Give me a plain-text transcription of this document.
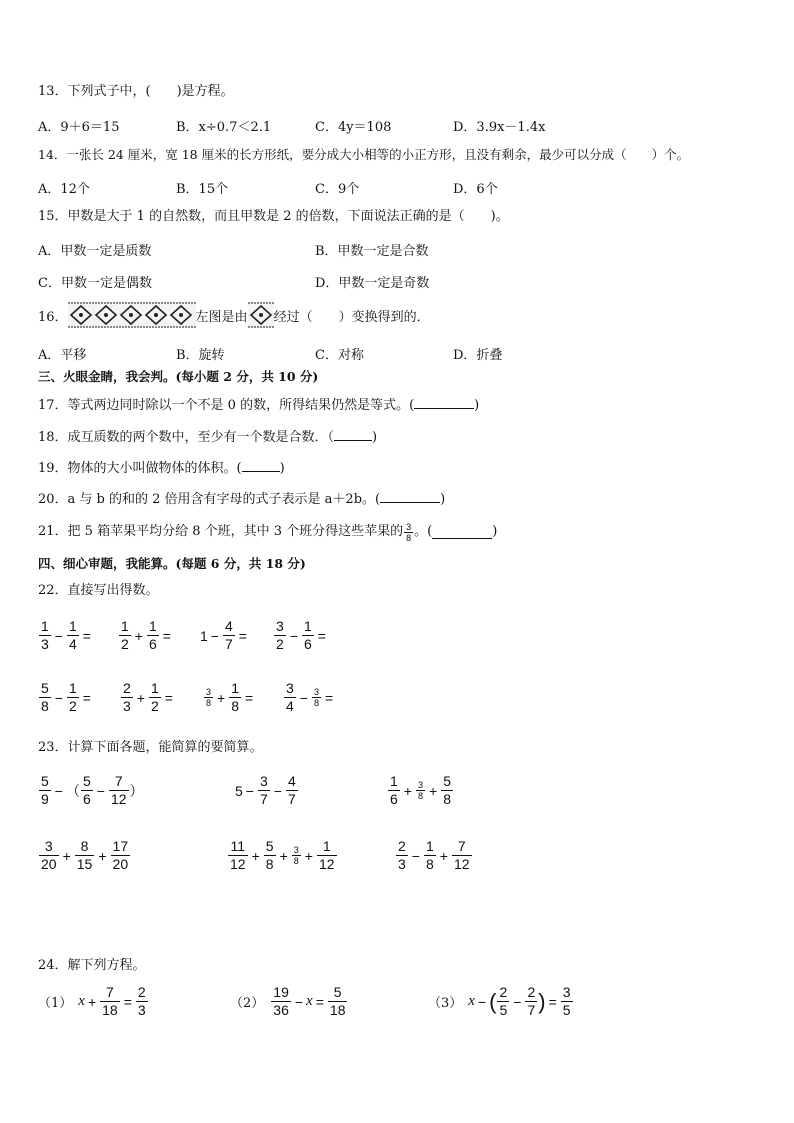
13．下列式子中，(　　)是方程。
A．9＋6＝15	B．x÷0.7＜2.1	C．4y＝108	D．3.9x－1.4x
14．一张长 24 厘米，宽 18 厘米的长方形纸，要分成大小相等的小正方形，且没有剩余，最少可以分成（　　）个。
A．12个	B．15个	C．9个	D．6个
15．甲数是大于 1 的自然数，而且甲数是 2 的倍数，下面说法正确的是（　　)。
A．甲数一定是质数	B．甲数一定是合数
C．甲数一定是偶数	D．甲数一定是奇数
16．	左图是由 经过（　　）变换得到的．
A．平移	B．旋转	C．对称	D．折叠
三、火眼金睛，我会判。(每小题 2 分，共 10 分)
17．等式两边同时除以一个不是 0 的数，所得结果仍然是等式。(	)
18．成互质数的两个数中，至少有一个数是合数．（	)
19．物体的大小叫做物体的体积。(	)
20．a 与 b 的和的 2 倍用含有字母的式子表示是 a＋2b。(	)
21．把 5 箱苹果平均分给 8 个班，其中 3 个班分得这些苹果的 $\frac{3}{8}$ 。(	)
四、细心审题，我能算。(每题 6 分，共 18 分)
22．直接写出得数。
$\frac{1}{3} - \frac{1}{4} = \frac{1}{2} + \frac{1}{6} = 1 - \frac{4}{7} = \frac{3}{2} - \frac{1}{6}$ =
$\frac{5}{8} - \frac{1}{2} = \frac{2}{3} + \frac{1}{2}$ =	$\frac{3}{8} + \frac{1}{8} = \frac{3}{4} - \frac{3}{8}$ =
23．计算下面各题，能简算的要简算。
$\frac{5}{9}$ − （ $\frac{5}{6} - \frac{7}{12}$ ）	$5 - \frac{3}{7} - \frac{4}{7}$	$\frac{1}{6} + \frac{3}{8} + \frac{5}{8}$
$\frac{3}{20} + \frac{8}{15} + \frac{17}{20}$	$\frac{11}{12} + \frac{5}{8} + \frac{3}{8} + \frac{1}{12}$	$\frac{2}{3} - \frac{1}{8} + \frac{7}{12}$
24．解下列方程。
（1） $x + \frac{7}{18} = \frac{2}{3}$	$(2) \frac{19}{36} - x = \frac{5}{18}$	（3） x − ( $\frac{2}{5} - \frac{2}{7}$ ) = $\frac{3}{5}$
